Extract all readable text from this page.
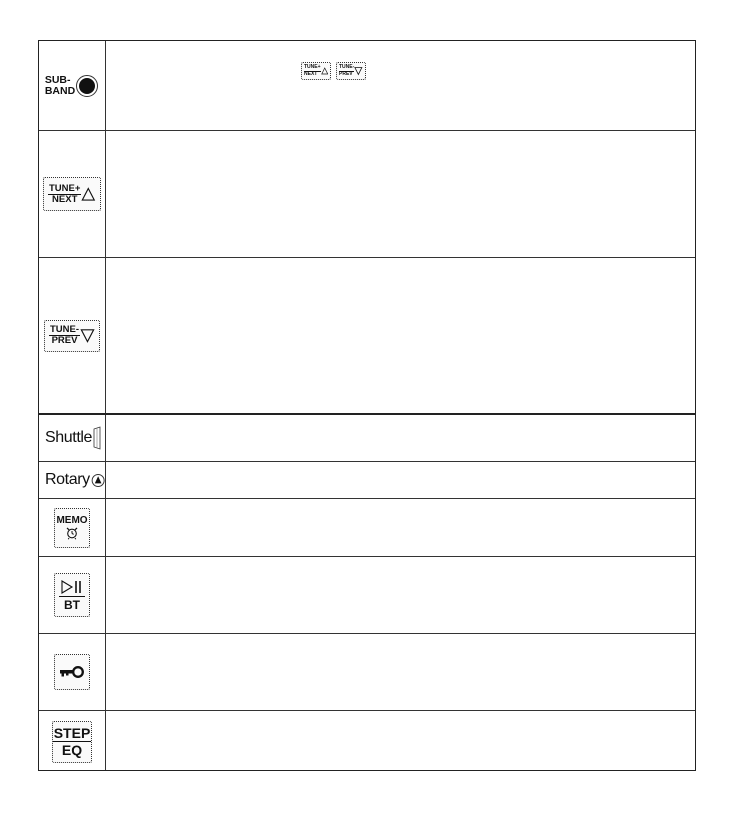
SUB-
BAND
TUNE+
NEXT
TUNE-
PREV
TUNE+
NEXT
TUNE-
PREV
Shuttle
Rotary
MEMO
BT
STEP
EQ
